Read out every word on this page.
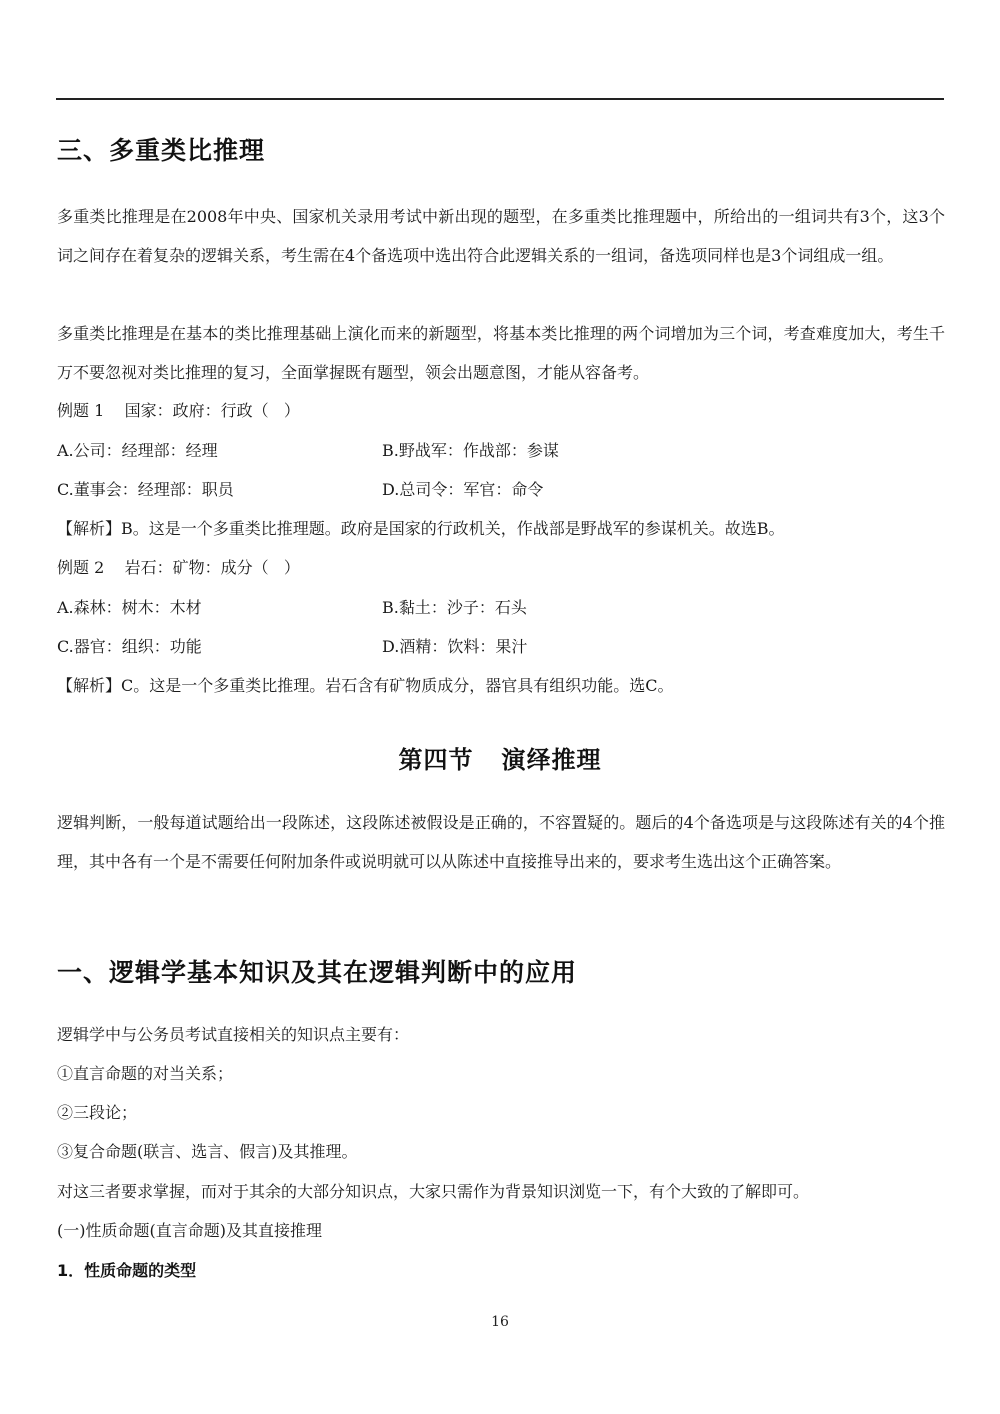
三、多重类比推理

多重类比推理是在2008年中央、国家机关录用考试中新出现的题型，在多重类比推理题中，所给出的一组词共有3个，这3个词之间存在着复杂的逻辑关系，考生需在4个备选项中选出符合此逻辑关系的一组词，备选项同样也是3个词组成一组。

多重类比推理是在基本的类比推理基础上演化而来的新题型，将基本类比推理的两个词增加为三个词，考查难度加大，考生千万不要忽视对类比推理的复习，全面掌握既有题型，领会出题意图，才能从容备考。

例题 1    国家：政府：行政（   ）

A.公司：经理部：经理	B.野战军：作战部：参谋
C.董事会：经理部：职员	D.总司令：军官：命令

【解析】B。这是一个多重类比推理题。政府是国家的行政机关，作战部是野战军的参谋机关。故选B。

例题 2    岩石：矿物：成分（   ）

A.森林：树木：木材	B.黏土：沙子：石头
C.器官：组织：功能	D.酒精：饮料：果汁

【解析】C。这是一个多重类比推理。岩石含有矿物质成分，器官具有组织功能。选C。

第四节   演绎推理

逻辑判断，一般每道试题给出一段陈述，这段陈述被假设是正确的，不容置疑的。题后的4个备选项是与这段陈述有关的4个推理，其中各有一个是不需要任何附加条件或说明就可以从陈述中直接推导出来的，要求考生选出这个正确答案。

一、逻辑学基本知识及其在逻辑判断中的应用

逻辑学中与公务员考试直接相关的知识点主要有：

①直言命题的对当关系；

②三段论；

③复合命题(联言、选言、假言)及其推理。

对这三者要求掌握，而对于其余的大部分知识点，大家只需作为背景知识浏览一下，有个大致的了解即可。

(一)性质命题(直言命题)及其直接推理

1．性质命题的类型

16
